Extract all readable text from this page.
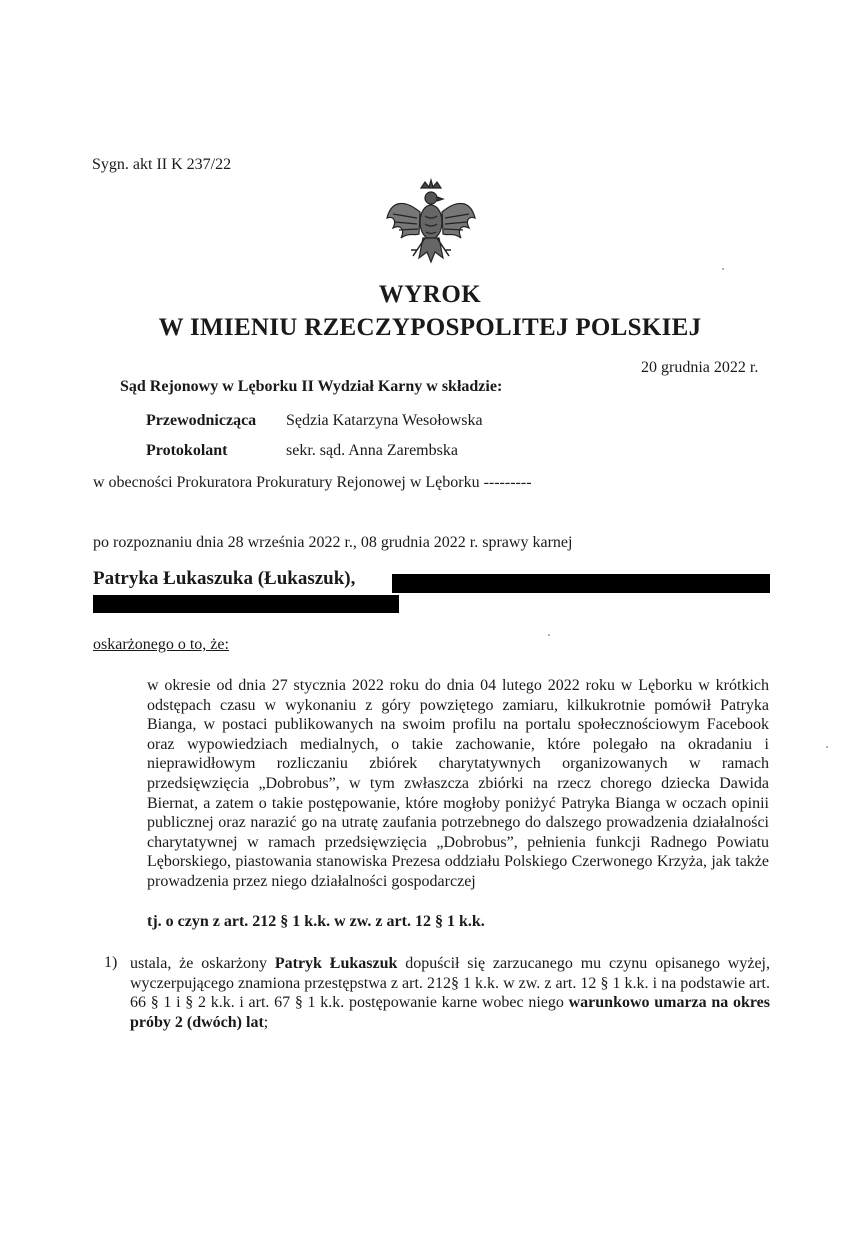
Sygn. akt II K 237/22
WYROK
W IMIENIU RZECZYPOSPOLITEJ POLSKIEJ
20 grudnia 2022 r.
Sąd Rejonowy w Lęborku II Wydział Karny w składzie:
Przewodnicząca Sędzia Katarzyna Wesołowska
Protokolant	sekr. sąd. Anna Zarembska
w obecności Prokuratora Prokuratury Rejonowej w Lęborku ---------
po rozpoznaniu dnia 28 września 2022 r., 08 grudnia 2022 r. sprawy karnej
Patryka Łukaszuka (Łukaszuk),
oskarżonego o to, że:
w okresie od dnia 27 stycznia 2022 roku do dnia 04 lutego 2022 roku w Lęborku w krótkich odstępach czasu w wykonaniu z góry powziętego zamiaru, kilkukrotnie pomówił Patryka Bianga, w postaci publikowanych na swoim profilu na portalu społecznościowym Facebook oraz wypowiedziach medialnych, o takie zachowanie, które polegało na okradaniu i nieprawidłowym rozliczaniu zbiórek charytatywnych organizowanych w ramach przedsięwzięcia „Dobrobus”, w tym zwłaszcza zbiórki na rzecz chorego dziecka Dawida Biernat, a zatem o takie postępowanie, które mogłoby poniżyć Patryka Bianga w oczach opinii publicznej oraz narazić go na utratę zaufania potrzebnego do dalszego prowadzenia działalności charytatywnej w ramach przedsięwzięcia „Dobrobus”, pełnienia funkcji Radnego Powiatu Lęborskiego, piastowania stanowiska Prezesa oddziału Polskiego Czerwonego Krzyża, jak także prowadzenia przez niego działalności gospodarczej
tj. o czyn z art. 212 § 1 k.k. w zw. z art. 12 § 1 k.k.
1) ustala, że oskarżony Patryk Łukaszuk dopuścił się zarzucanego mu czynu opisanego wyżej, wyczerpującego znamiona przestępstwa z art. 212§ 1 k.k. w zw. z art. 12 § 1 k.k. i na podstawie art. 66 § 1 i § 2 k.k. i art. 67 § 1 k.k. postępowanie karne wobec niego warunkowo umarza na okres próby 2 (dwóch) lat;
